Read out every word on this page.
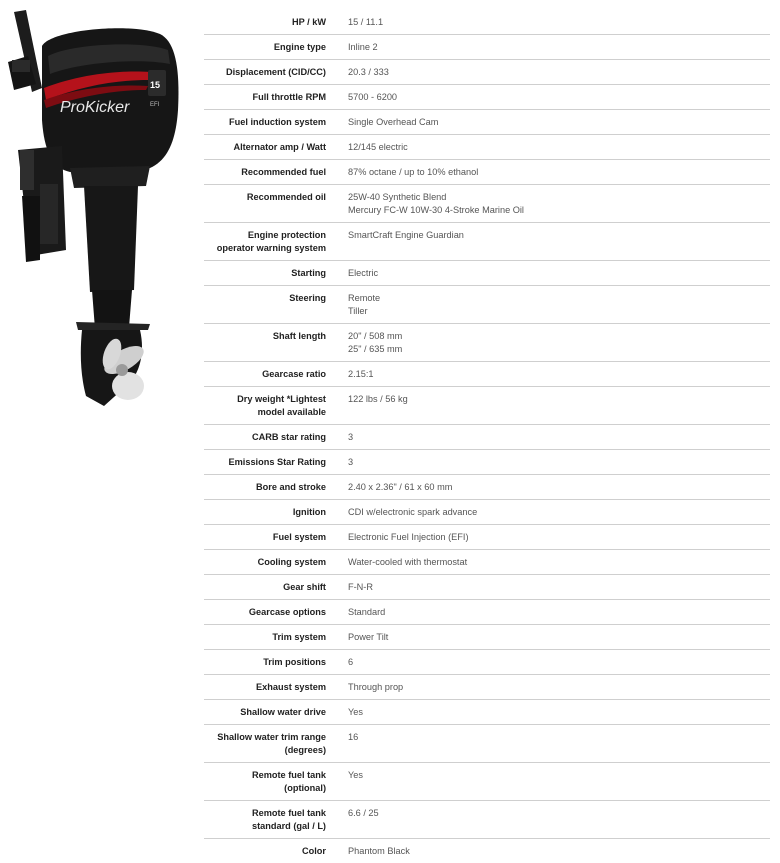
ProKicker
15
EFI
HP / kW	15 / 11.1

Engine type	Inline 2

Displacement (CID/CC)	20.3 / 333

Full throttle RPM	5700 - 6200

Fuel induction system	Single Overhead Cam

Alternator amp / Watt	12/145 electric

Recommended fuel	87% octane / up to 10% ethanol

Recommended oil	25W-40 Synthetic Blend
Mercury FC-W 10W-30 4-Stroke Marine Oil

Engine protection
operator warning system	SmartCraft Engine Guardian

Starting	Electric

Steering	Remote
Tiller

Shaft length	20" / 508 mm
25" / 635 mm

Gearcase ratio	2.15:1

Dry weight *Lightest
model available	122 lbs / 56 kg

CARB star rating	3

Emissions Star Rating	3

Bore and stroke	2.40 x 2.36" / 61 x 60 mm

Ignition	CDI w/electronic spark advance

Fuel system	Electronic Fuel Injection (EFI)

Cooling system	Water-cooled with thermostat

Gear shift	F-N-R

Gearcase options	Standard

Trim system	Power Tilt

Trim positions	6

Exhaust system	Through prop

Shallow water drive	Yes

Shallow water trim range
(degrees)	16

Remote fuel tank
(optional)	Yes

Remote fuel tank
standard (gal / L)	6.6 / 25

Color	Phantom Black
